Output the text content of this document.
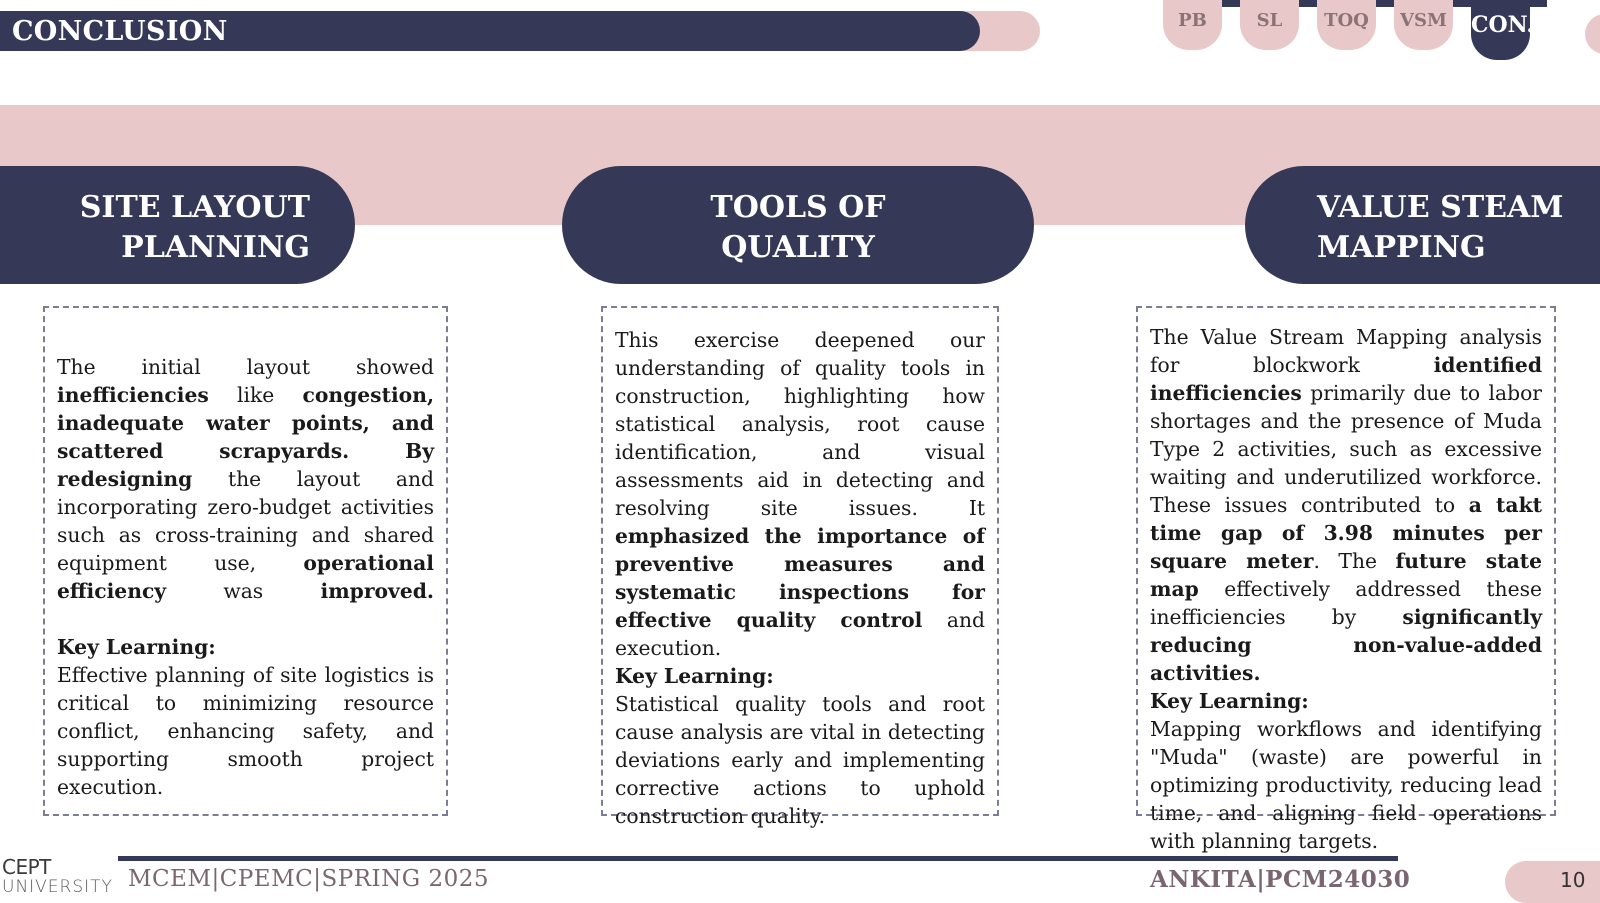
CONCLUSION	PB	SL	TOQ	VSM CON.
SITE LAYOUT
PLANNING
TOOLS OF
QUALITY
VALUE STEAM
MAPPING

The initial layout showed inefficiencies like congestion, inadequate water points, and scattered scrapyards. By redesigning the layout and incorporating zero-budget activities such as cross-training and shared equipment use, operational efficiency was improved.

Key Learning:

Effective planning of site logistics is critical to minimizing resource conflict, enhancing safety, and supporting smooth project execution.

This exercise deepened our understanding of quality tools in construction, highlighting how statistical analysis, root cause identification, and visual assessments aid in detecting and resolving site issues. It emphasized the importance of preventive measures and systematic inspections for effective quality control and execution.

Key Learning:

Statistical quality tools and root cause analysis are vital in detecting deviations early and implementing corrective actions to uphold construction quality.

The Value Stream Mapping analysis for blockwork identified inefficiencies primarily due to labor shortages and the presence of Muda Type 2 activities, such as excessive waiting and underutilized workforce. These issues contributed to a takt time gap of 3.98 minutes per square meter. The future state map effectively addressed these inefficiencies by significantly reducing non-value-added activities.

Key Learning:

Mapping workflows and identifying "Muda" (waste) are powerful in optimizing productivity, reducing lead time, and aligning field operations with planning targets.

CEPT
UNIVERSITY MCEM|CPEMC|SPRING 2025	ANKITA|PCM24030	10
